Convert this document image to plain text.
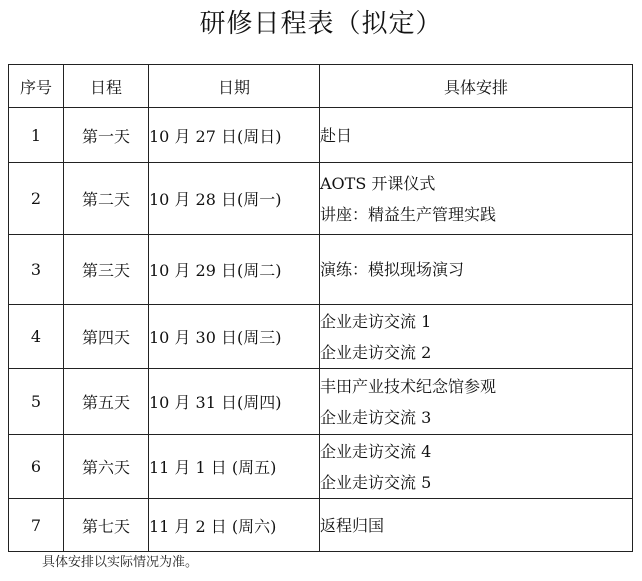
研修日程表（拟定）
序号	日程	日期	具体安排
1	第一天	10 月 27 日(周日)	赴日

2	第二天	10 月 28 日(周一)	AOTS 开课仪式
讲座：精益生产管理实践

3	第三天	10 月 29 日(周二)	演练：模拟现场演习

4	第四天	10 月 30 日(周三)	企业走访交流 1
企业走访交流 2

5	第五天	10 月 31 日(周四)	丰田产业技术纪念馆参观
企业走访交流 3

6	第六天	11 月 1 日 (周五)	企业走访交流 4
企业走访交流 5

7	第七天	11 月 2 日 (周六)	返程归国
具体安排以实际情况为准。
